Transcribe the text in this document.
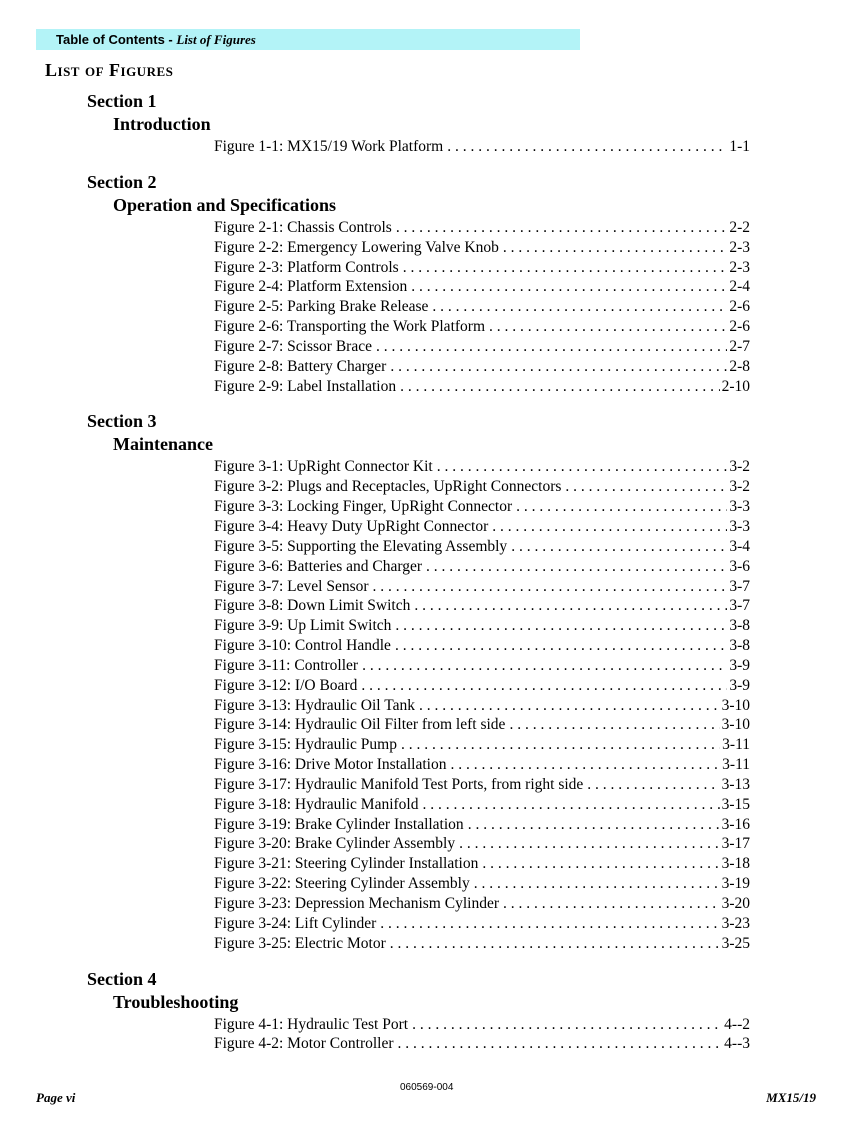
Table of Contents - List of Figures
List of Figures
Section 1
Introduction
Figure 1-1: MX15/19 Work Platform . . .	1-1
Section 2
Operation and Specifications
Figure 2-1: Chassis Controls . . .	2-2
Figure 2-2: Emergency Lowering Valve Knob . . .	2-3
Figure 2-3: Platform Controls . . .	2-3
Figure 2-4: Platform Extension . . .	2-4
Figure 2-5: Parking Brake Release . . .	2-6
Figure 2-6: Transporting the Work Platform . . .	2-6
Figure 2-7: Scissor Brace . . .	2-7
Figure 2-8: Battery Charger . . .	2-8
Figure 2-9: Label Installation . . .	2-10
Section 3
Maintenance
Figure 3-1: UpRight Connector Kit . . .	3-2
Figure 3-2: Plugs and Receptacles, UpRight Connectors . . .	3-2
Figure 3-3: Locking Finger, UpRight Connector . . .	3-3
Figure 3-4: Heavy Duty UpRight Connector . . .	3-3
Figure 3-5: Supporting the Elevating Assembly . . .	3-4
Figure 3-6: Batteries and Charger . . .	3-6
Figure 3-7: Level Sensor . . .	3-7
Figure 3-8: Down Limit Switch . . .	3-7
Figure 3-9: Up Limit Switch . . .	3-8
Figure 3-10: Control Handle . . .	3-8
Figure 3-11: Controller . . .	3-9
Figure 3-12: I/O Board . . .	3-9
Figure 3-13: Hydraulic Oil Tank . . .	3-10
Figure 3-14: Hydraulic Oil Filter from left side . . .	3-10
Figure 3-15: Hydraulic Pump . . .	3-11
Figure 3-16: Drive Motor Installation . . .	3-11
Figure 3-17: Hydraulic Manifold Test Ports, from right side . . .	3-13
Figure 3-18: Hydraulic Manifold . . .	3-15
Figure 3-19: Brake Cylinder Installation . . .	3-16
Figure 3-20: Brake Cylinder Assembly . . .	3-17
Figure 3-21: Steering Cylinder Installation . . .	3-18
Figure 3-22: Steering Cylinder Assembly . . .	3-19
Figure 3-23: Depression Mechanism Cylinder . . .	3-20
Figure 3-24: Lift Cylinder . . .	3-23
Figure 3-25: Electric Motor . . .	3-25
Section 4
Troubleshooting
Figure 4-1: Hydraulic Test Port . . .	4--2
Figure 4-2: Motor Controller . . .	4--3
Page vi
060569-004
MX15/19
